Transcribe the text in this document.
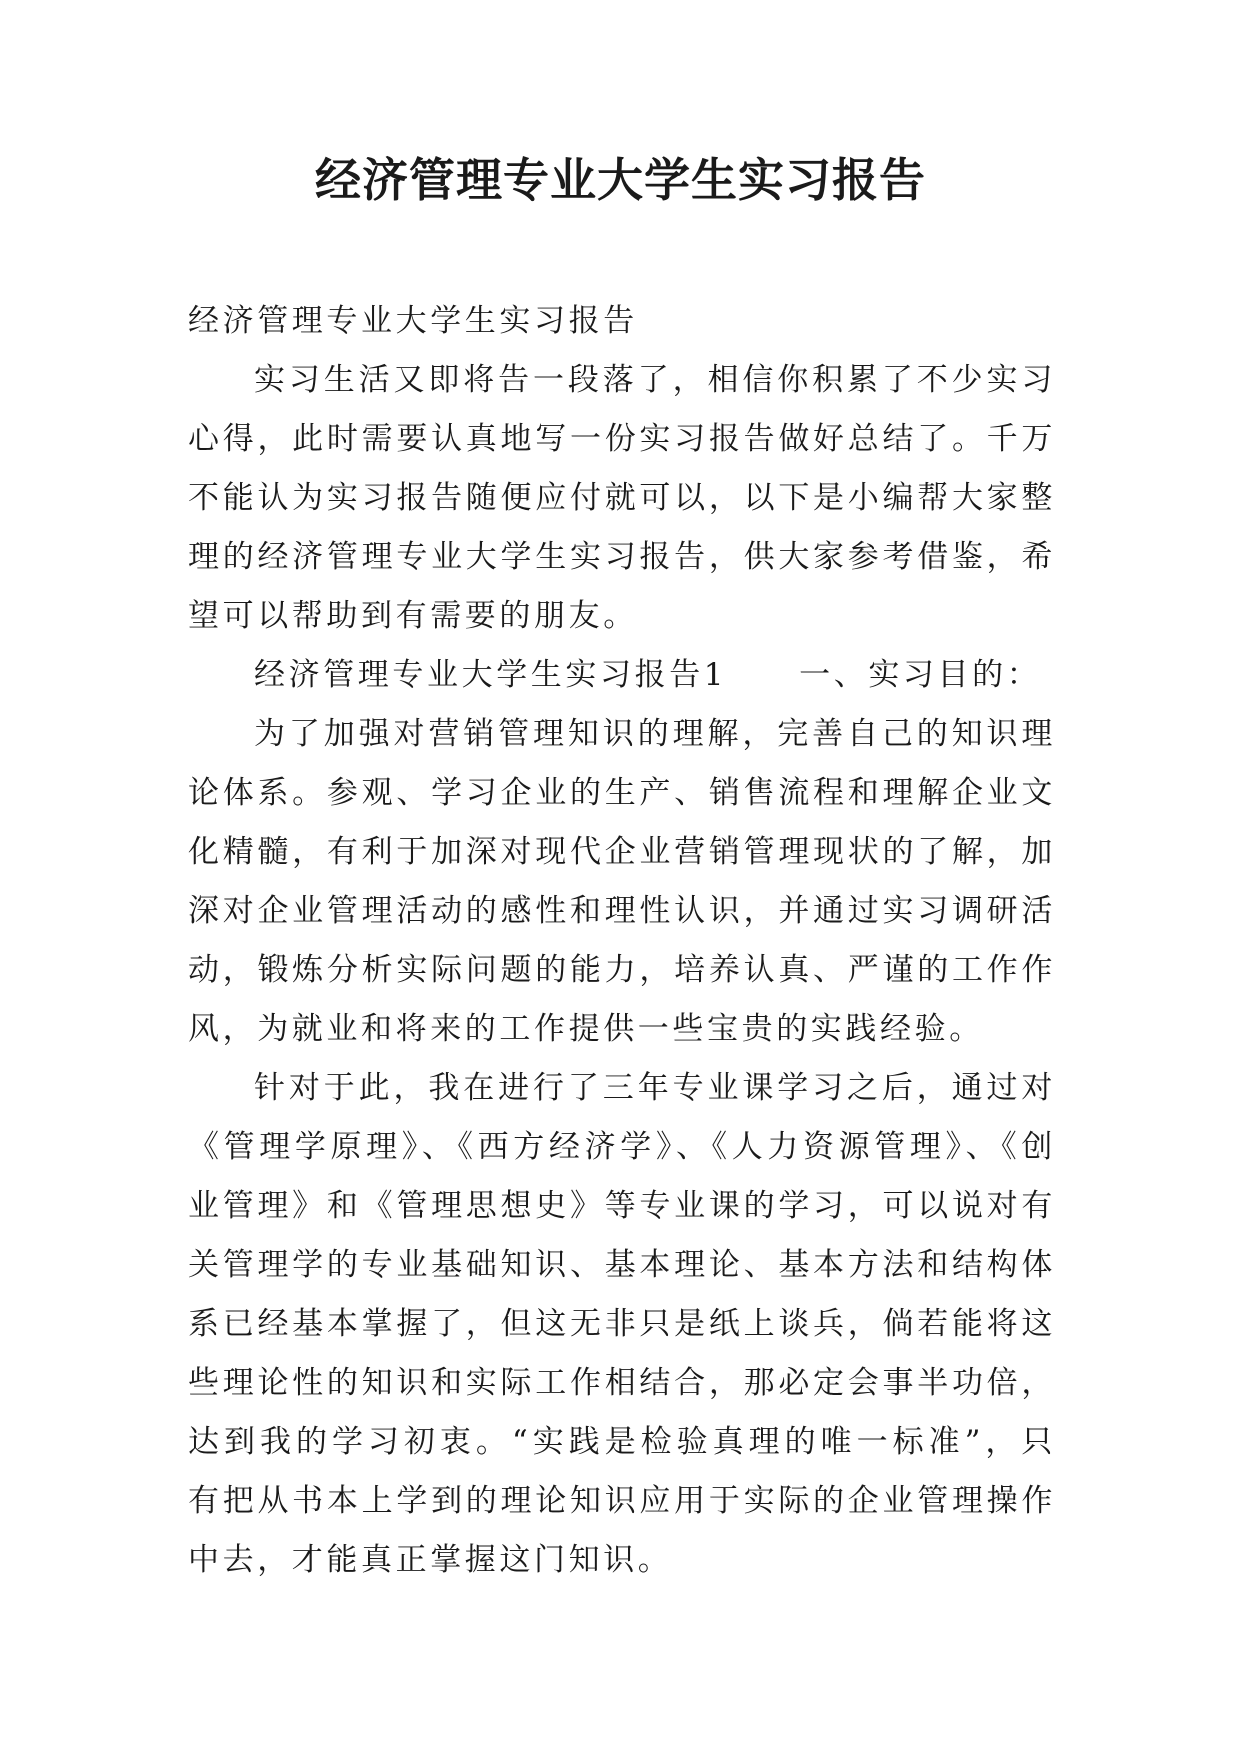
经济管理专业大学生实习报告

经济管理专业大学生实习报告

实习生活又即将告一段落了，相信你积累了不少实习心得，此时需要认真地写一份实习报告做好总结了。千万不能认为实习报告随便应付就可以，以下是小编帮大家整理的经济管理专业大学生实习报告，供大家参考借鉴，希望可以帮助到有需要的朋友。

经济管理专业大学生实习报告1 一、实习目的：

为了加强对营销管理知识的理解，完善自己的知识理论体系。参观、学习企业的生产、销售流程和理解企业文化精髓，有利于加深对现代企业营销管理现状的了解，加深对企业管理活动的感性和理性认识，并通过实习调研活动，锻炼分析实际问题的能力，培养认真、严谨的工作作风，为就业和将来的工作提供一些宝贵的实践经验。

针对于此，我在进行了三年专业课学习之后，通过对《管理学原理》、《西方经济学》、《人力资源管理》、《创业管理》和《管理思想史》等专业课的学习，可以说对有关管理学的专业基础知识、基本理论、基本方法和结构体系已经基本掌握了，但这无非只是纸上谈兵，倘若能将这些理论性的知识和实际工作相结合，那必定会事半功倍，达到我的学习初衷。“实践是检验真理的唯一标准”，只有把从书本上学到的理论知识应用于实际的企业管理操作中去，才能真正掌握这门知识。
